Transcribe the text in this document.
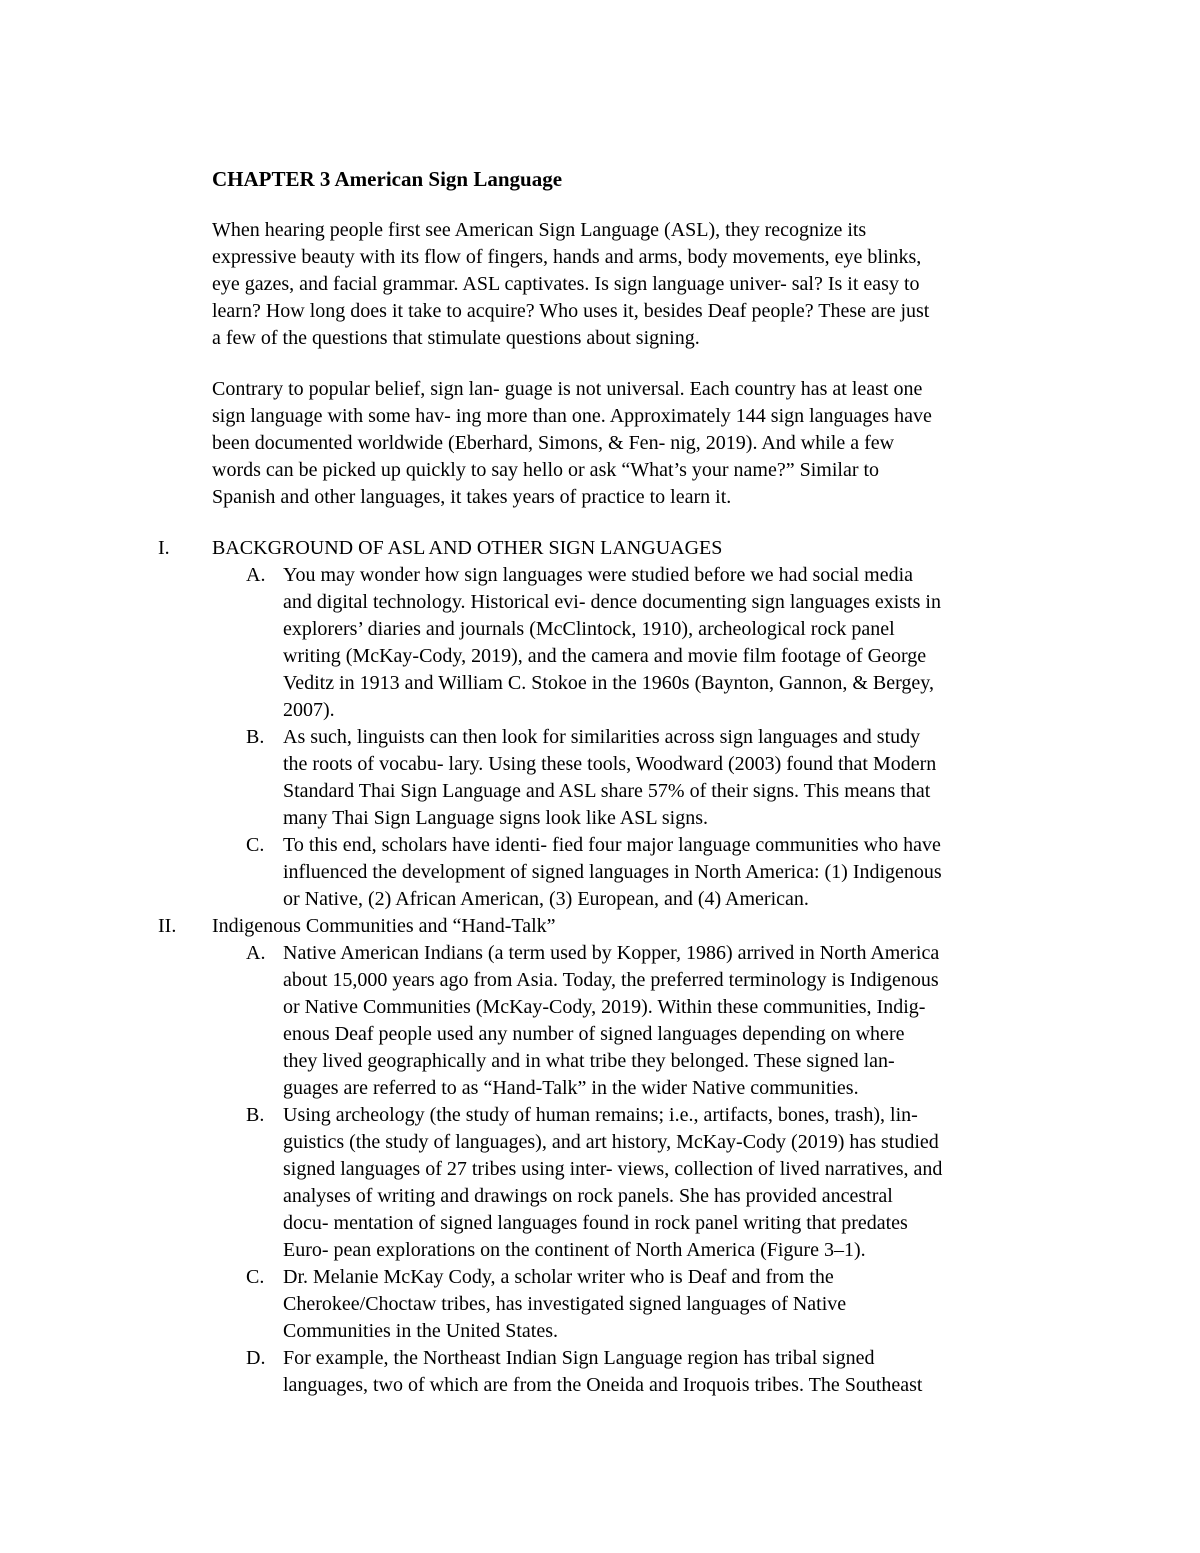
CHAPTER 3 American Sign Language
When hearing people first see American Sign Language (ASL), they recognize its
expressive beauty with its flow of fingers, hands and arms, body movements, eye blinks,
eye gazes, and facial grammar. ASL captivates. Is sign language univer- sal? Is it easy to
learn? How long does it take to acquire? Who uses it, besides Deaf people? These are just
a few of the questions that stimulate questions about signing.
Contrary to popular belief, sign lan- guage is not universal. Each country has at least one
sign language with some hav- ing more than one. Approximately 144 sign languages have
been documented worldwide (Eberhard, Simons, & Fen- nig, 2019). And while a few
words can be picked up quickly to say hello or ask “What’s your name?” Similar to
Spanish and other languages, it takes years of practice to learn it.
I.	BACKGROUND OF ASL AND OTHER SIGN LANGUAGES
A. You may wonder how sign languages were studied before we had social media
and digital technology. Historical evi- dence documenting sign languages exists in
explorers’ diaries and journals (McClintock, 1910), archeological rock panel
writing (McKay-Cody, 2019), and the camera and movie film footage of George
Veditz in 1913 and William C. Stokoe in the 1960s (Baynton, Gannon, & Bergey,
2007).
B. As such, linguists can then look for similarities across sign languages and study
the roots of vocabu- lary. Using these tools, Woodward (2003) found that Modern
Standard Thai Sign Language and ASL share 57% of their signs. This means that
many Thai Sign Language signs look like ASL signs.
C. To this end, scholars have identi- fied four major language communities who have
influenced the development of signed languages in North America: (1) Indigenous
or Native, (2) African American, (3) European, and (4) American.
II.	Indigenous Communities and “Hand-Talk”
A. Native American Indians (a term used by Kopper, 1986) arrived in North America
about 15,000 years ago from Asia. Today, the preferred terminology is Indigenous
or Native Communities (McKay-Cody, 2019). Within these communities, Indig-
enous Deaf people used any number of signed languages depending on where
they lived geographically and in what tribe they belonged. These signed lan-
guages are referred to as “Hand-Talk” in the wider Native communities.
B. Using archeology (the study of human remains; i.e., artifacts, bones, trash), lin-
guistics (the study of languages), and art history, McKay-Cody (2019) has studied
signed languages of 27 tribes using inter- views, collection of lived narratives, and
analyses of writing and drawings on rock panels. She has provided ancestral
docu- mentation of signed languages found in rock panel writing that predates
Euro- pean explorations on the continent of North America (Figure 3–1).
C. Dr. Melanie McKay Cody, a scholar writer who is Deaf and from the
Cherokee/Choctaw tribes, has investigated signed languages of Native
Communities in the United States.
D. For example, the Northeast Indian Sign Language region has tribal signed
languages, two of which are from the Oneida and Iroquois tribes. The Southeast
